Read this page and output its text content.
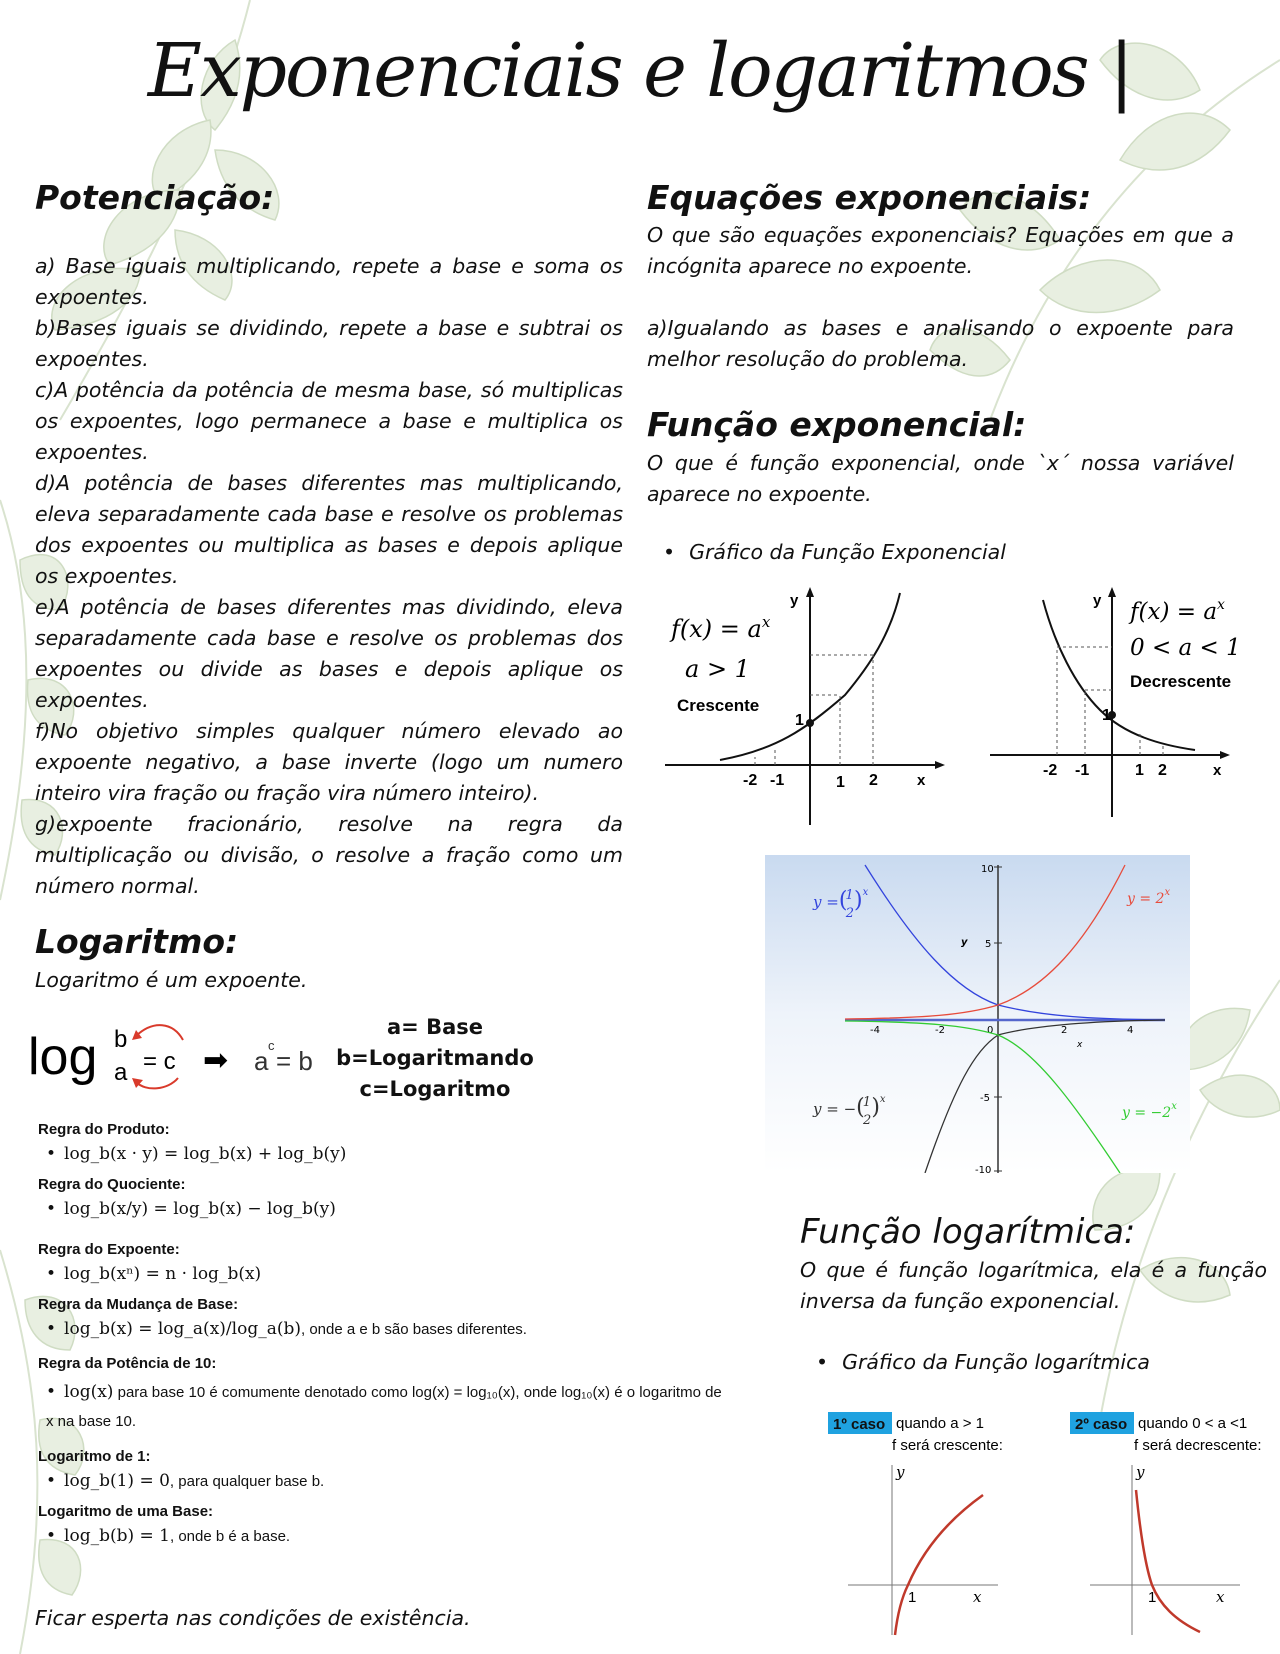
Exponenciais e logaritmos |
Potenciação:
a) Base iguais multiplicando, repete a base e soma os expoentes.
b)Bases iguais se dividindo, repete a base e subtrai os expoentes.
c)A potência da potência de mesma base, só multiplicas os expoentes, logo permanece a base e multiplica os expoentes.
d)A potência de bases diferentes mas multiplicando, eleva separadamente cada base e resolve os problemas dos expoentes ou multiplica as bases e depois aplique os expoentes.
e)A potência de bases diferentes mas dividindo, eleva separadamente cada base e resolve os problemas dos expoentes ou divide as bases e depois aplique os expoentes.
f)No objetivo simples qualquer número elevado ao expoente negativo, a base inverte (logo um numero inteiro vira fração ou fração vira número inteiro).
g)expoente fracionário, resolve na regra da multiplicação ou divisão, o resolve a fração como um número normal.
Equações exponenciais:
O que são equações exponenciais? Equações em que a incógnita aparece no expoente.
a)Igualando as bases e analisando o expoente para melhor resolução do problema.
Função exponencial:
O que é função exponencial, onde `x´ nossa variável aparece no expoente.
• Gráfico da Função Exponencial
1
y
x
-2 -1	1 2
$f(x) = a^x$
a > 1
Crescente
1
y
x
-2 -1	1 2
$f(x) = a^x$
0 < a < 1
Decrescente
10
5
0
-5
-10
-4	-2	2	4
y
x
y =(1 2)$^x$	$y = 2^x$
y = −(1 2)$^x$
$y = -2^x$
Logaritmo:
Logaritmo é um expoente.
log b
a = c ➡ a
c
= b
a= Base
b=Logaritmando
c=Logaritmo
Regra do Produto:
• log_b(x · y) = log_b(x) + log_b(y)
Regra do Quociente:
• log_b(x/y) = log_b(x) − log_b(y)
Regra do Expoente:
• log_b(xⁿ) = n · log_b(x)
Regra da Mudança de Base:
• log_b(x) = log_a(x)/log_a(b), onde a e b são bases diferentes.
Regra da Potência de 10:
• log(x) para base 10 é comumente denotado como log(x) = log₁₀(x), onde log₁₀(x) é o logaritmo de x na base 10.
Logaritmo de 1:
• log_b(1) = 0, para qualquer base b.
Logaritmo de uma Base:
• log_b(b) = 1, onde b é a base.
Ficar esperta nas condições de existência.
Função logarítmica:
O que é função logarítmica, ela é a função inversa da função exponencial.
• Gráfico da Função logarítmica
1º caso quando a > 1
f será crescente:
y
x
1
2º caso quando 0 < a <1
f será decrescente:
y
x
1
